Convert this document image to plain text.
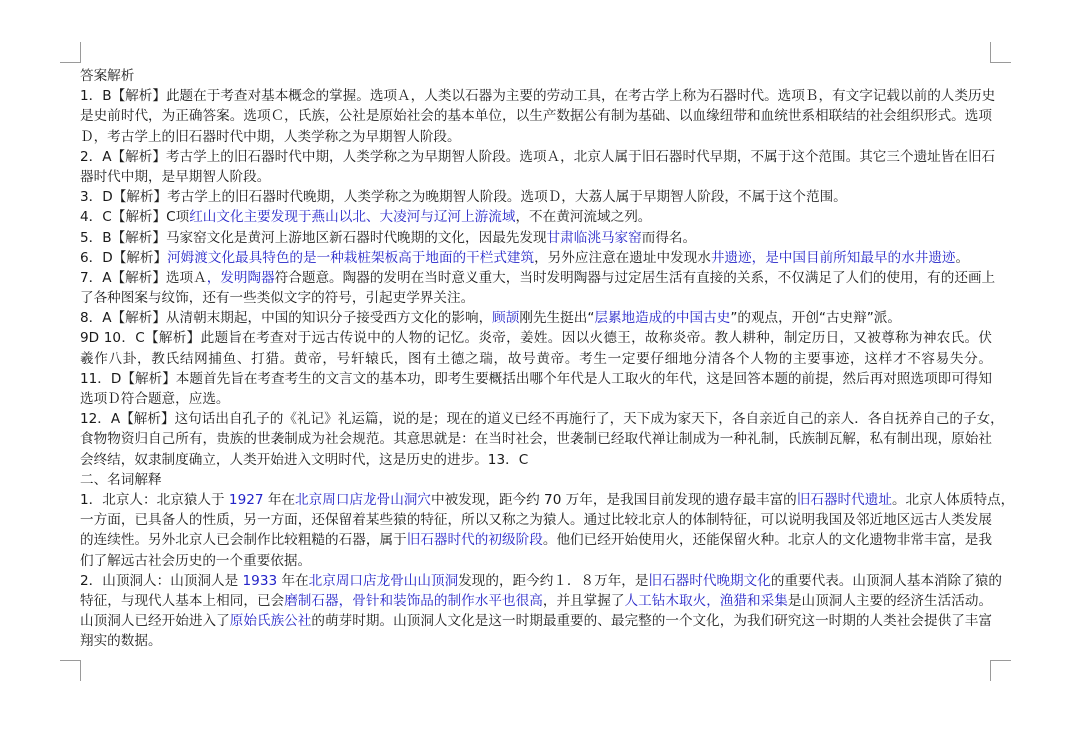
答案解析
1．B【解析】此题在于考查对基本概念的掌握。选项Ａ，人类以石器为主要的劳动工具，在考古学上称为石器时代。选项Ｂ，有文字记载以前的人类历史
是史前时代，为正确答案。选项Ｃ，氏族，公社是原始社会的基本单位，以生产数据公有制为基础、以血缘纽带和血统世系相联结的社会组织形式。选项
Ｄ，考古学上的旧石器时代中期，人类学称之为早期智人阶段。
2．A【解析】考古学上的旧石器时代中期，人类学称之为早期智人阶段。选项Ａ，北京人属于旧石器时代早期，不属于这个范围。其它三个遗址皆在旧石
器时代中期，是早期智人阶段。
3．D【解析】考古学上的旧石器时代晚期，人类学称之为晚期智人阶段。选项Ｄ，大荔人属于早期智人阶段，不属于这个范围。
4．C【解析】C项红山文化主要发现于燕山以北、大凌河与辽河上游流域，不在黄河流域之列。
5．B【解析】马家窑文化是黄河上游地区新石器时代晚期的文化，因最先发现甘肃临洮马家窑而得名。
6．D【解析】河姆渡文化最具特色的是一种栽桩架板高于地面的干栏式建筑，另外应注意在遗址中发现水井遗迹，是中国目前所知最早的水井遗迹。
7．A【解析】选项Ａ，发明陶器符合题意。陶器的发明在当时意义重大，当时发明陶器与过定居生活有直接的关系，不仅满足了人们的使用，有的还画上
了各种图案与纹饰，还有一些类似文字的符号，引起吏学界关注。
8．A【解析】从清朝末期起，中国的知识分子接受西方文化的影响，顾颉刚先生挺出“层累地造成的中国古史”的观点，开创“古史辩”派。
9D 10．C【解析】此题旨在考查对于远古传说中的人物的记忆。炎帝，姜姓。因以火德王，故称炎帝。教人耕种，制定历日，又被尊称为神农氏。伏
羲作八卦，教氏结网捕鱼、打猎。黄帝，号轩辕氏，图有土德之瑞，故号黄帝。考生一定要仔细地分清各个人物的主要事迹，这样才不容易失分。
11．D【解析】本题首先旨在考查考生的文言文的基本功，即考生要概括出哪个年代是人工取火的年代，这是回答本题的前提，然后再对照选项即可得知
选项Ｄ符合题意，应选。
12．A【解析】这句话出自孔子的《礼记》礼运篇，说的是；现在的道义已经不再施行了，天下成为家天下，各自亲近自己的亲人．各自抚养自己的子女，
食物物资归自己所有，贵族的世袭制成为社会规范。其意思就是：在当时社会，世袭制已经取代禅让制成为一种礼制，氏族制瓦解，私有制出现，原始社
会终结，奴隶制度确立，人类开始进入文明时代，这是历史的进步。13．C
二、名词解释
1．北京人：北京猿人于 1927 年在北京周口店龙骨山洞穴中被发现，距今约 70 万年，是我国目前发现的遗存最丰富的旧石器时代遗址。北京人体质特点，
一方面，已具备人的性质，另一方面，还保留着某些猿的特征，所以又称之为猿人。通过比较北京人的体制特征，可以说明我国及邻近地区远古人类发展
的连续性。另外北京人已会制作比较粗糙的石器，属于旧石器时代的初级阶段。他们已经开始使用火，还能保留火种。北京人的文化遗物非常丰富，是我
们了解远古社会历史的一个重要依据。
2．山顶洞人：山顶洞人是 1933 年在北京周口店龙骨山山顶洞发现的，距今约１．８万年，是旧石器时代晚期文化的重要代表。山顶洞人基本消除了猿的
特征，与现代人基本上相同，已会磨制石器，骨针和装饰品的制作水平也很高，并且掌握了人工钻木取火，渔猎和采集是山顶洞人主要的经济生活活动。
山顶洞人已经开始进入了原始氏族公社的萌芽时期。山顶洞人文化是这一时期最重要的、最完整的一个文化，为我们研究这一时期的人类社会提供了丰富
翔实的数据。
